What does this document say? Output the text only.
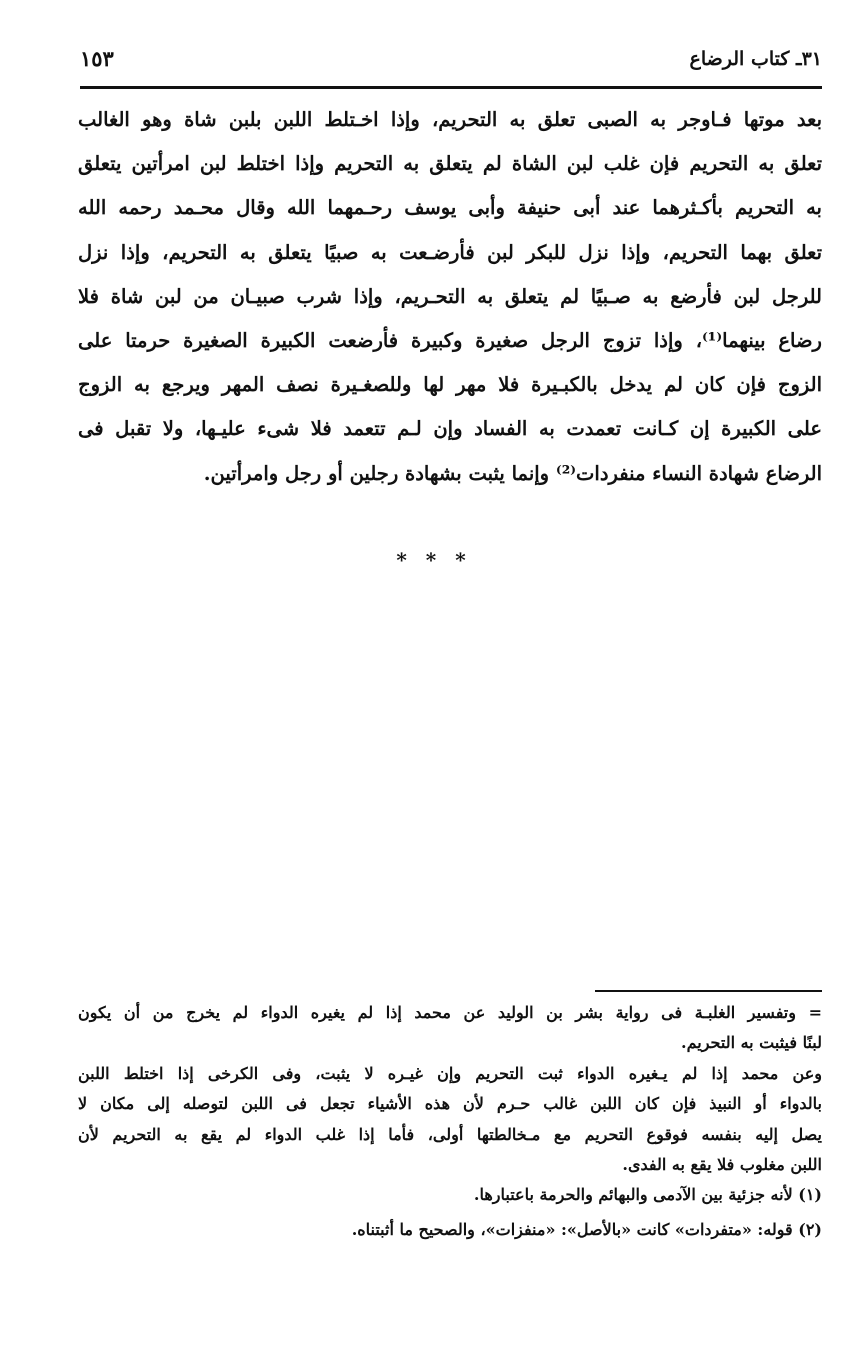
٣١ـ كتاب الرضاع
١٥٣
بعد موتها فـاوجر به الصبى تعلق به التحريم، وإذا اخـتلط اللبن بلبن شاة وهو الغالب
تعلق به التحريم فإن غلب لبن الشاة لم يتعلق به التحريم وإذا اختلط لبن امرأتين يتعلق
به التحريم بأكـثرهما عند أبى حنيفة وأبى يوسف رحـمهما الله وقال محـمد رحمه الله
تعلق بهما التحريم، وإذا نزل للبكر لبن فأرضـعت به صبيًا يتعلق به التحريم، وإذا نزل
للرجل لبن فأرضع به صـبيًا لم يتعلق به التحـريم، وإذا شرب صبيـان من لبن شاة فلا
رضاع بينهما⁽¹⁾، وإذا تزوج الرجل صغيرة وكبيرة فأرضعت الكبيرة الصغيرة حرمتا على
الزوج فإن كان لم يدخل بالكبـيرة فلا مهر لها وللصغـيرة نصف المهر ويرجع به الزوج
على الكبيرة إن كـانت تعمدت به الفساد وإن لـم تتعمد فلا شىء عليـها، ولا تقبل فى
الرضاع شهادة النساء منفردات⁽²⁾ وإنما يثبت بشهادة رجلين أو رجل وامرأتين.
* * *
= وتفسير الغلبـة فى رواية بشر بن الوليد عن محمد إذا لم يغيره الدواء لم يخرج من أن يكون
لبنًا فيثبت به التحريم.
وعن محمد إذا لم يـغيره الدواء ثبت التحريم وإن غيـره لا يثبت، وفى الكرخى إذا اختلط اللبن
بالدواء أو النبيذ فإن كان اللبن غالب حـرم لأن هذه الأشياء تجعل فى اللبن لتوصله إلى مكان لا
يصل إليه بنفسه فوقوع التحريم مع مـخالطتها أولى، فأما إذا غلب الدواء لم يقع به التحريم لأن
اللبن مغلوب فلا يقع به الفدى.
(١) لأنه جزئية بين الآدمى والبهائم والحرمة باعتبارها.
(٢) قوله: «متفردات» كانت «بالأصل»: «منفزات»، والصحيح ما أثبتناه.
